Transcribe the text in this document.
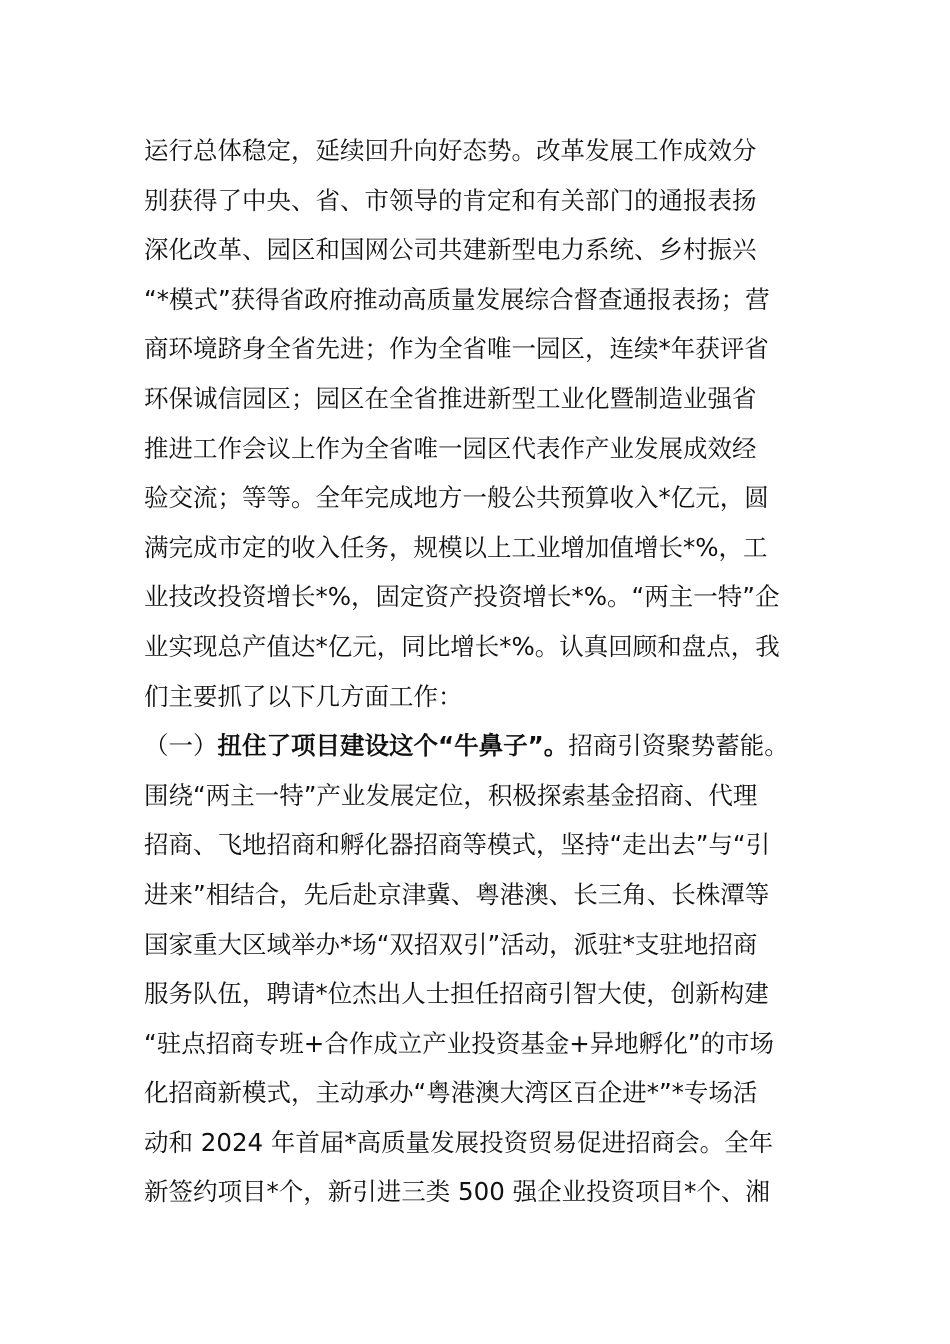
运行总体稳定，延续回升向好态势。改革发展工作成效分
别获得了中央、省、市领导的肯定和有关部门的通报表扬
深化改革、园区和国网公司共建新型电力系统、乡村振兴
“*模式”获得省政府推动高质量发展综合督查通报表扬；营
商环境跻身全省先进；作为全省唯一园区，连续*年获评省
环保诚信园区；园区在全省推进新型工业化暨制造业强省
推进工作会议上作为全省唯一园区代表作产业发展成效经
验交流；等等。全年完成地方一般公共预算收入*亿元，圆
满完成市定的收入任务，规模以上工业增加值增长*%，工
业技改投资增长*%，固定资产投资增长*%。“两主一特”企
业实现总产值达*亿元，同比增长*%。认真回顾和盘点，我
们主要抓了以下几方面工作：
（一）扭住了项目建设这个“牛鼻子”。招商引资聚势蓄能。
围绕“两主一特”产业发展定位，积极探索基金招商、代理
招商、飞地招商和孵化器招商等模式，坚持“走出去”与“引
进来”相结合，先后赴京津冀、粤港澳、长三角、长株潭等
国家重大区域举办*场“双招双引”活动，派驻*支驻地招商
服务队伍，聘请*位杰出人士担任招商引智大使，创新构建
“驻点招商专班+合作成立产业投资基金+异地孵化”的市场
化招商新模式，主动承办“粤港澳大湾区百企进*”*专场活
动和 2024 年首届*高质量发展投资贸易促进招商会。全年
新签约项目*个，新引进三类 500 强企业投资项目*个、湘
